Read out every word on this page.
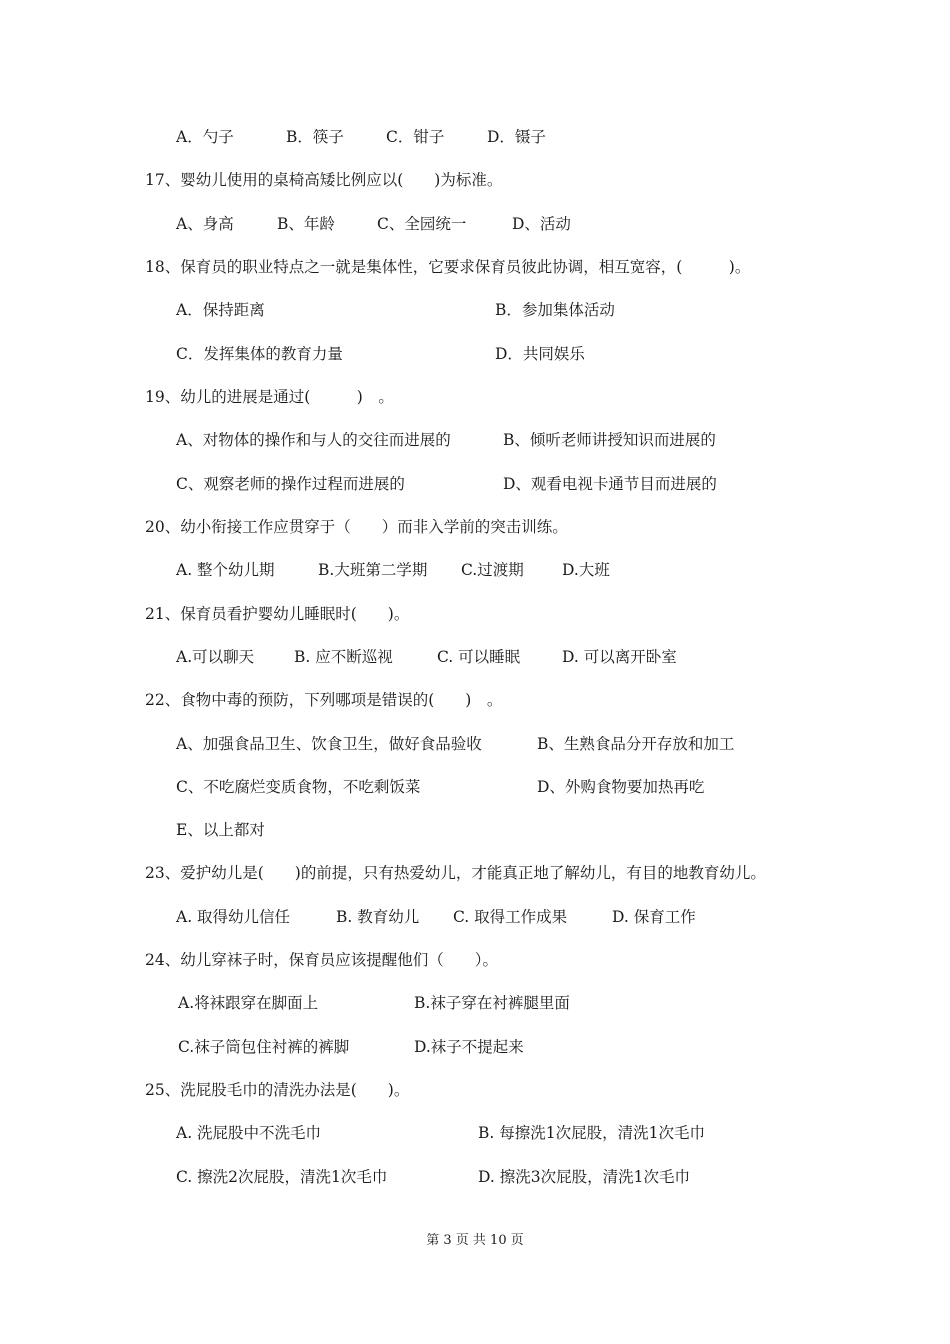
A．勺子	B．筷子	C．钳子	D．镊子
17、婴幼儿使用的桌椅高矮比例应以(　　)为标准。
A、身高	B、年龄	C、全园统一	D、活动
18、保育员的职业特点之一就是集体性，它要求保育员彼此协调，相互宽容，(　　　)。
A．保持距离	B．参加集体活动
C．发挥集体的教育力量	D．共同娱乐
19、幼儿的进展是通过(　　　)　。
A、对物体的操作和与人的交往而进展的	B、倾听老师讲授知识而进展的
C、观察老师的操作过程而进展的	D、观看电视卡通节目而进展的
20、幼小衔接工作应贯穿于（　　）而非入学前的突击训练。
A. 整个幼儿期	B.大班第二学期 C.过渡期 D.大班
21、保育员看护婴幼儿睡眠时(　　)。
A.可以聊天	B. 应不断巡视	C. 可以睡眠	D. 可以离开卧室
22、食物中毒的预防，下列哪项是错误的(　　)　。
A、加强食品卫生、饮食卫生，做好食品验收	B、生熟食品分开存放和加工
C、不吃腐烂变质食物，不吃剩饭菜	D、外购食物要加热再吃
E、以上都对
23、爱护幼儿是(　　)的前提，只有热爱幼儿，才能真正地了解幼儿，有目的地教育幼儿。
A. 取得幼儿信任	B. 教育幼儿 C. 取得工作成果	D. 保育工作
24、幼儿穿袜子时，保育员应该提醒他们（　　）。
A.将袜跟穿在脚面上	B.袜子穿在衬裤腿里面
C.袜子筒包住衬裤的裤脚	D.袜子不提起来
25、洗屁股毛巾的清洗办法是(　　)。
A. 洗屁股中不洗毛巾	B. 每擦洗1次屁股，清洗1次毛巾
C. 擦洗2次屁股，清洗1次毛巾	D. 擦洗3次屁股，清洗1次毛巾
第 3 页 共 10 页
